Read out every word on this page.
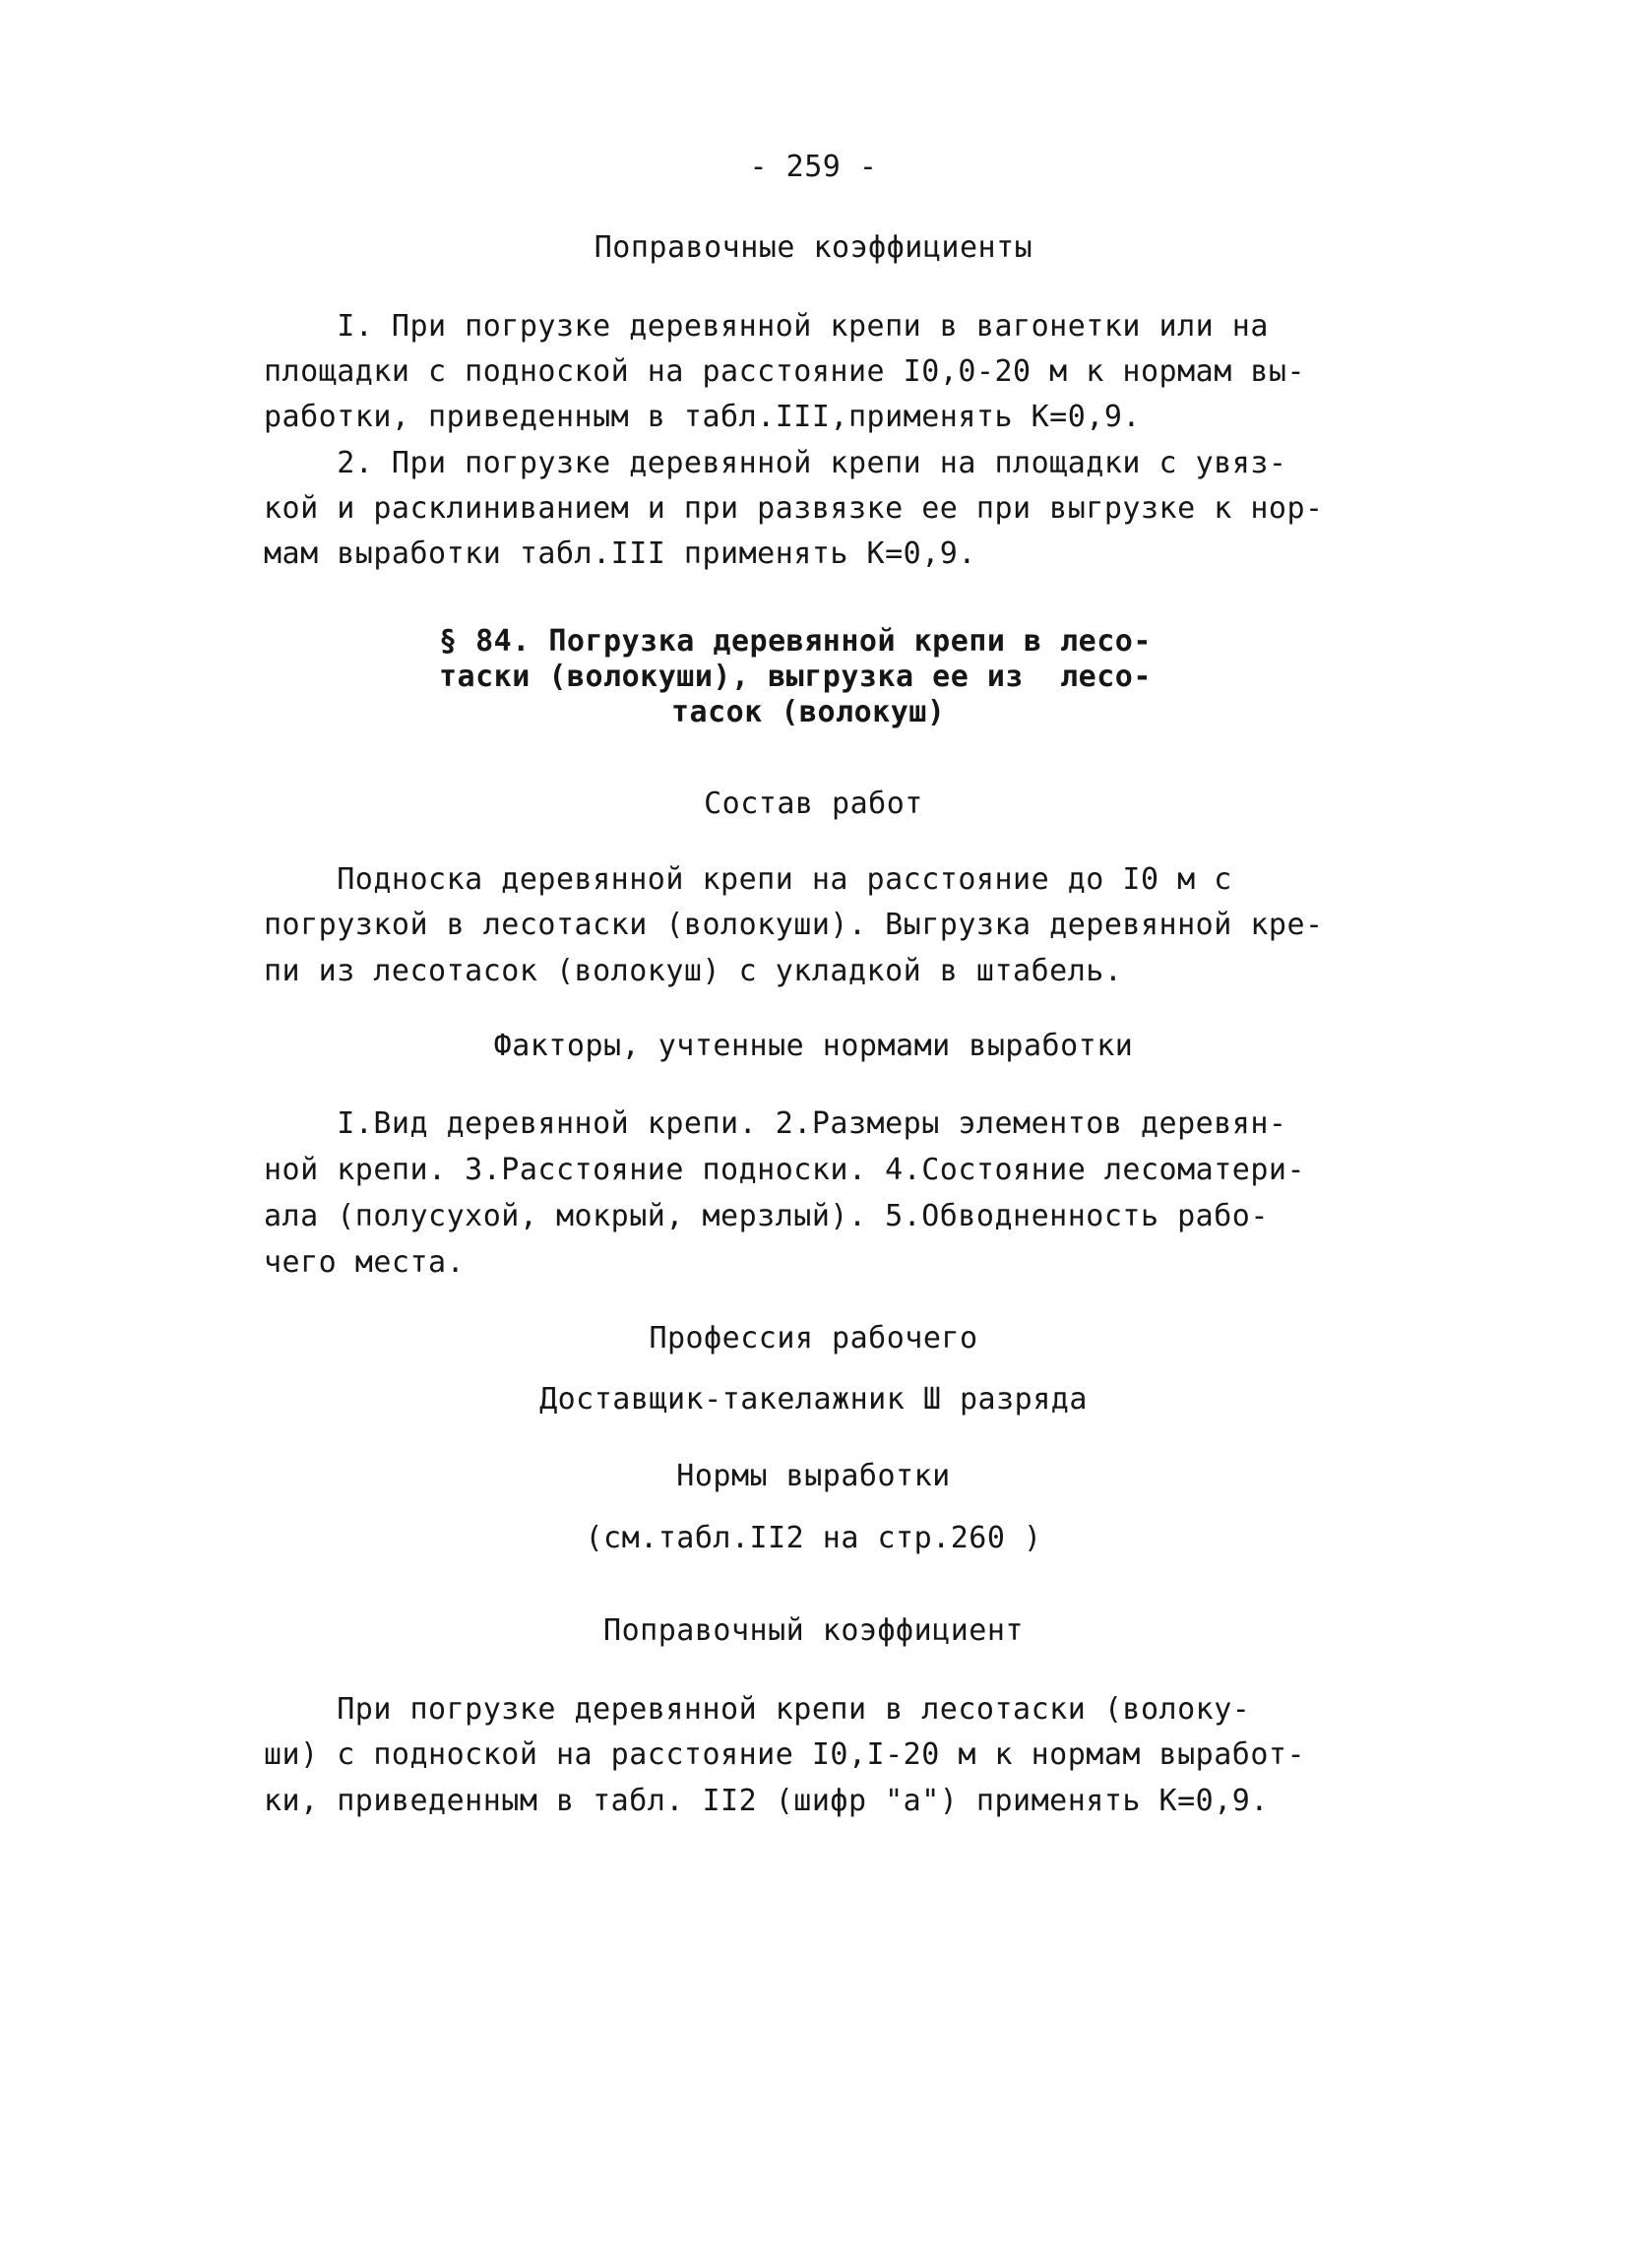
- 259 -
Поправочные коэффициенты
I. При погрузке деревянной крепи в вагонетки или на
площадки с подноской на расстояние I0,0-20 м к нормам вы-
работки, приведенным в табл.III,применять К=0,9.
2. При погрузке деревянной крепи на площадки с увяз-
кой и расклиниванием и при развязке ее при выгрузке к нор-
мам выработки табл.III применять К=0,9.
§ 84. Погрузка деревянной крепи в лесо-
таски (волокуши), выгрузка ее из  лесо-
тасок (волокуш)
Состав работ
Подноска деревянной крепи на расстояние до I0 м с
погрузкой в лесотаски (волокуши). Выгрузка деревянной кре-
пи из лесотасок (волокуш) с укладкой в штабель.
Факторы, учтенные нормами выработки
I.Вид деревянной крепи. 2.Размеры элементов деревян-
ной крепи. 3.Расстояние подноски. 4.Состояние лесоматери-
ала (полусухой, мокрый, мерзлый). 5.Обводненность рабо-
чего места.
Профессия рабочего
Доставщик-такелажник Ш разряда
Нормы выработки
(см.табл.II2 на стр.260 )
Поправочный коэффициент
При погрузке деревянной крепи в лесотаски (волоку-
ши) с подноской на расстояние I0,I-20 м к нормам выработ-
ки, приведенным в табл. II2 (шифр "а") применять К=0,9.
